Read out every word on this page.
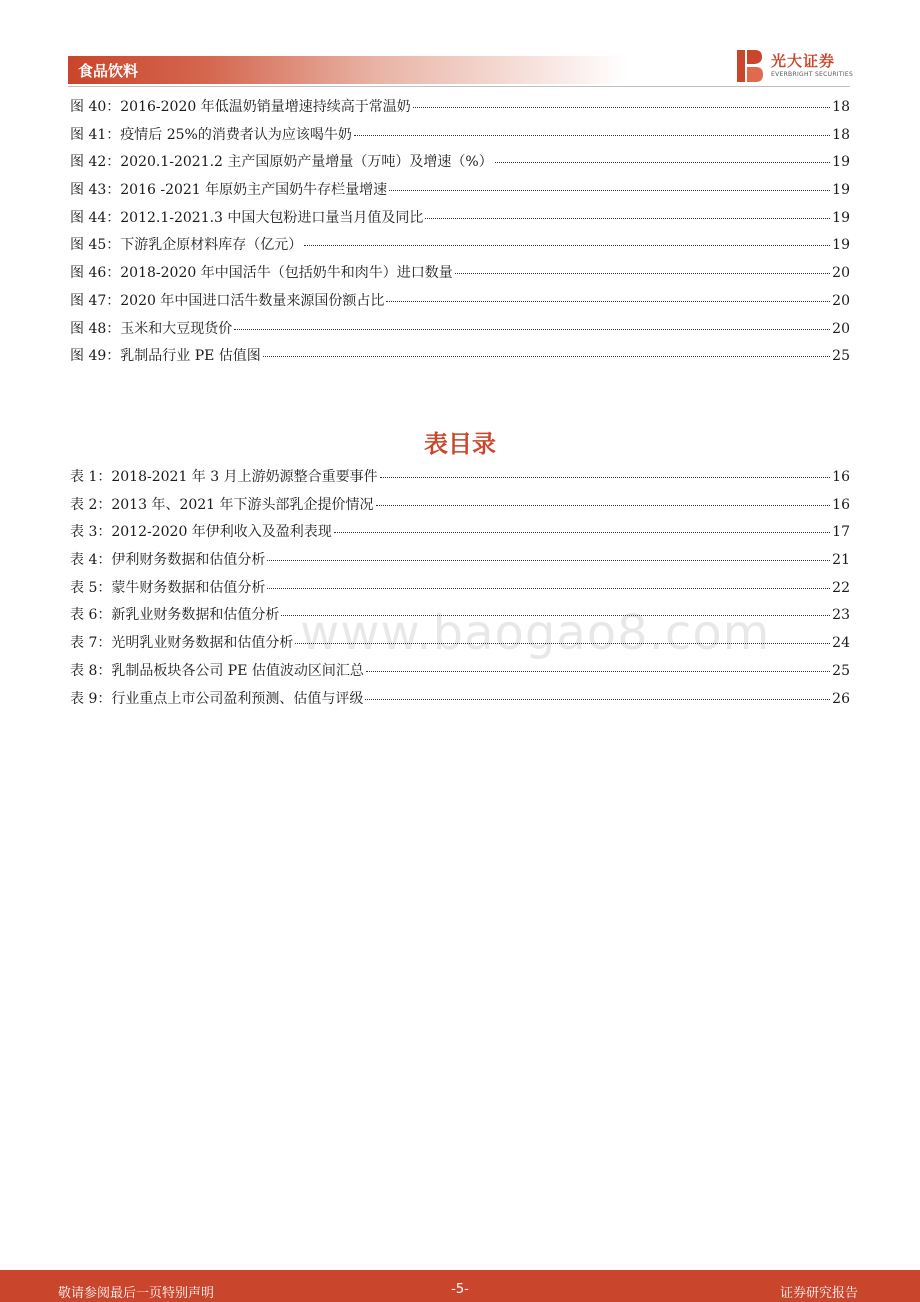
食品饮料
光大证券
EVERBRIGHT SECURITIES
图 40：2016-2020 年低温奶销量增速持续高于常温奶	18
图 41：疫情后 25%的消费者认为应该喝牛奶	18
图 42：2020.1-2021.2 主产国原奶产量增量（万吨）及增速（%）	19
图 43：2016 -2021 年原奶主产国奶牛存栏量增速	19
图 44：2012.1-2021.3 中国大包粉进口量当月值及同比	19
图 45：下游乳企原材料库存（亿元）	19
图 46：2018-2020 年中国活牛（包括奶牛和肉牛）进口数量	20
图 47：2020 年中国进口活牛数量来源国份额占比	20
图 48：玉米和大豆现货价	20
图 49：乳制品行业 PE 估值图	25
表目录
表 1：2018-2021 年 3 月上游奶源整合重要事件	16
表 2：2013 年、2021 年下游头部乳企提价情况	16
表 3：2012-2020 年伊利收入及盈利表现	17
表 4：伊利财务数据和估值分析	21
表 5：蒙牛财务数据和估值分析	22
表 6：新乳业财务数据和估值分析	23
表 7：光明乳业财务数据和估值分析	24
表 8：乳制品板块各公司 PE 估值波动区间汇总	25
表 9：行业重点上市公司盈利预测、估值与评级	26
www.baogao8.com
敬请参阅最后一页特别声明	-5-	证券研究报告
